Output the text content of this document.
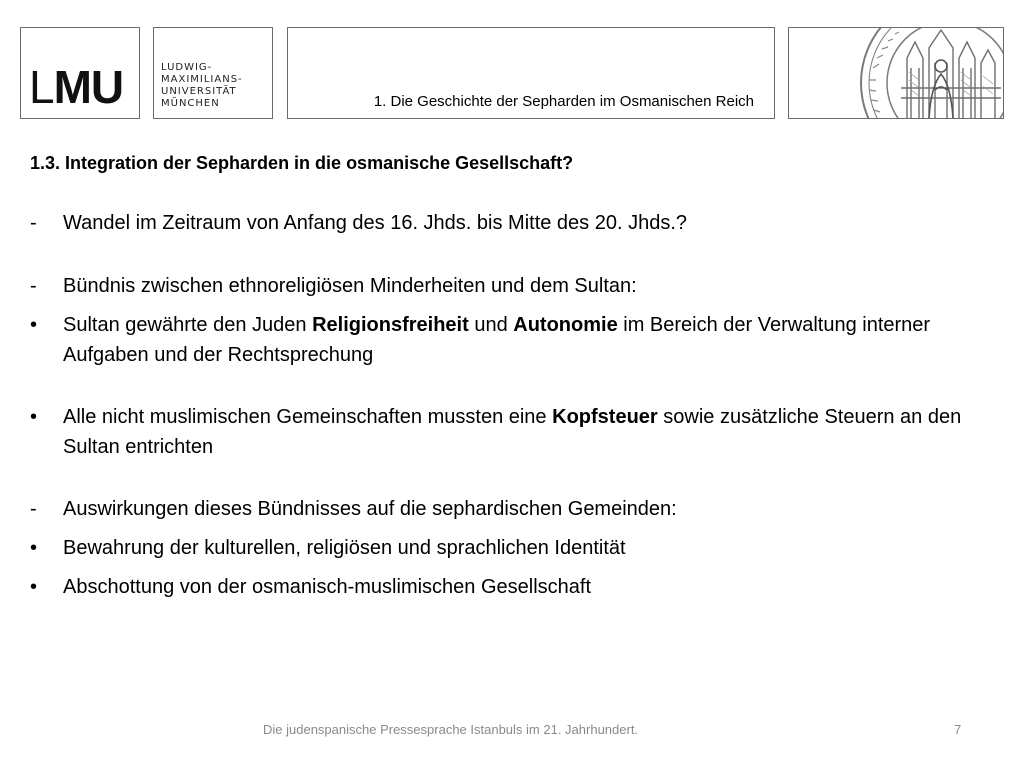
LMU	LUDWIG-
MAXIMILIANS-
UNIVERSITÄT
MÜNCHEN	1. Die Geschichte der Sepharden im Osmanischen Reich
1.3. Integration der Sepharden in die osmanische Gesellschaft?
-	Wandel im Zeitraum von Anfang des 16. Jhds. bis Mitte des 20. Jhds.?
-	Bündnis zwischen ethnoreligiösen Minderheiten und dem Sultan:
•	Sultan gewährte den Juden Religionsfreiheit und Autonomie im Bereich der Verwaltung interner Aufgaben und der Rechtsprechung
•	Alle nicht muslimischen Gemeinschaften mussten eine Kopfsteuer sowie zusätzliche Steuern an den Sultan entrichten
-	Auswirkungen dieses Bündnisses auf die sephardischen Gemeinden:
•	Bewahrung der kulturellen, religiösen und sprachlichen Identität
•	Abschottung von der osmanisch-muslimischen Gesellschaft
Die judenspanische Pressesprache Istanbuls im 21. Jahrhundert.	7
